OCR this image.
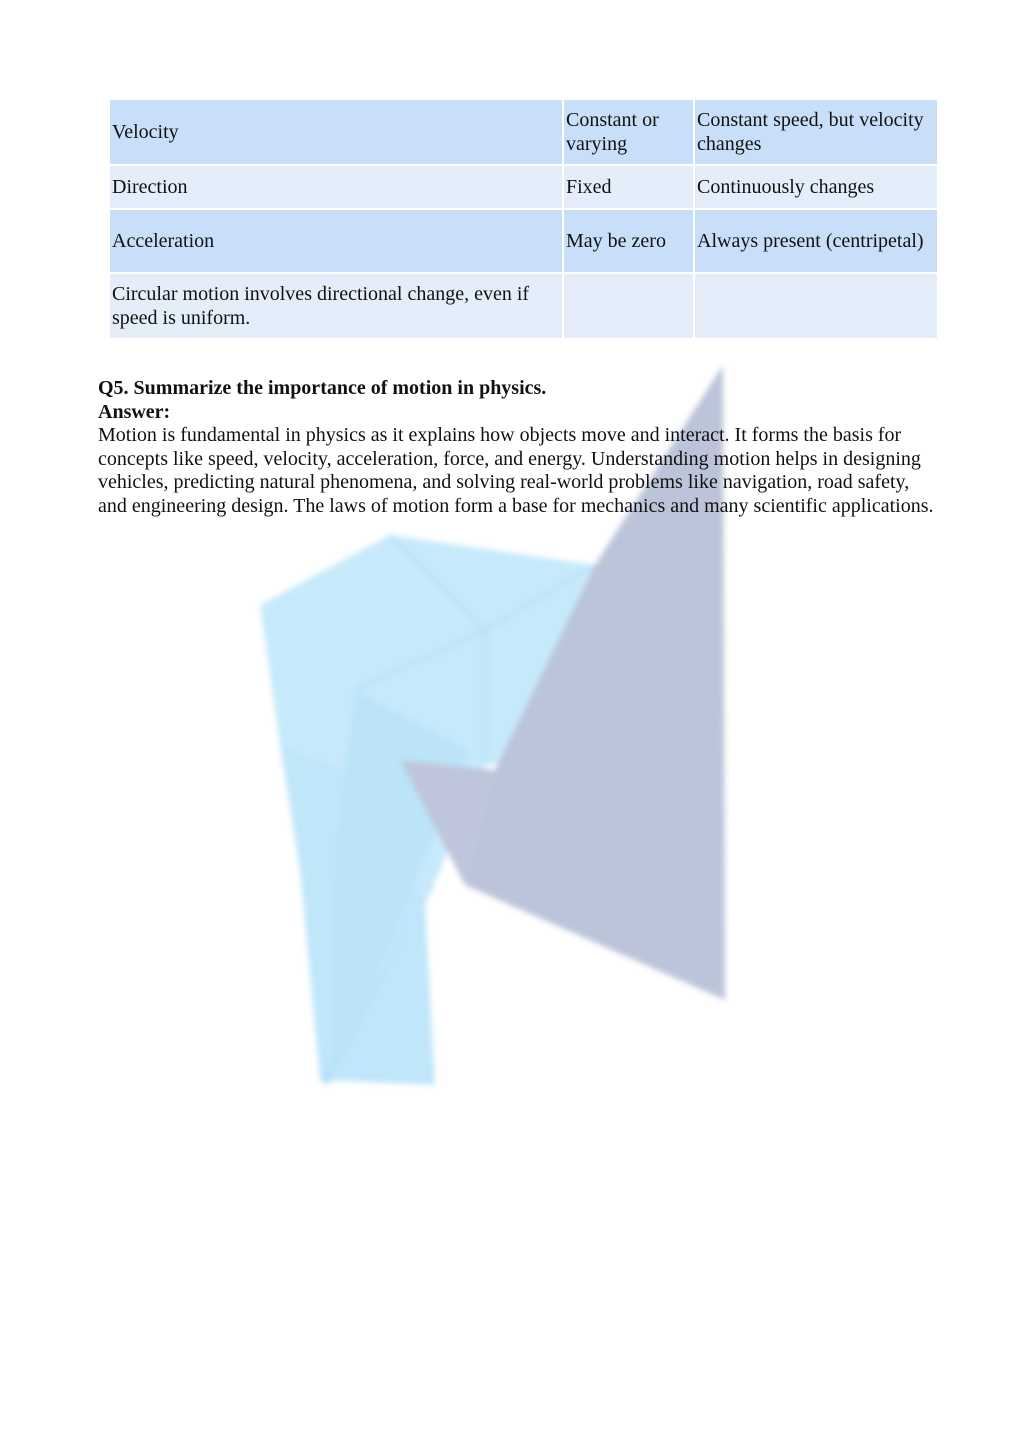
Velocity	Constant or varying	Constant speed, but velocity changes
Direction	Fixed	Continuously changes
Acceleration	May be zero	Always present (centripetal)
Circular motion involves directional change, even if speed is uniform.		

Q5. Summarize the importance of motion in physics.

Answer:

Motion is fundamental in physics as it explains how objects move and interact. It forms the basis for concepts like speed, velocity, acceleration, force, and energy. Understanding motion helps in designing vehicles, predicting natural phenomena, and solving real-world problems like navigation, road safety, and engineering design. The laws of motion form a base for mechanics and many scientific applications.
